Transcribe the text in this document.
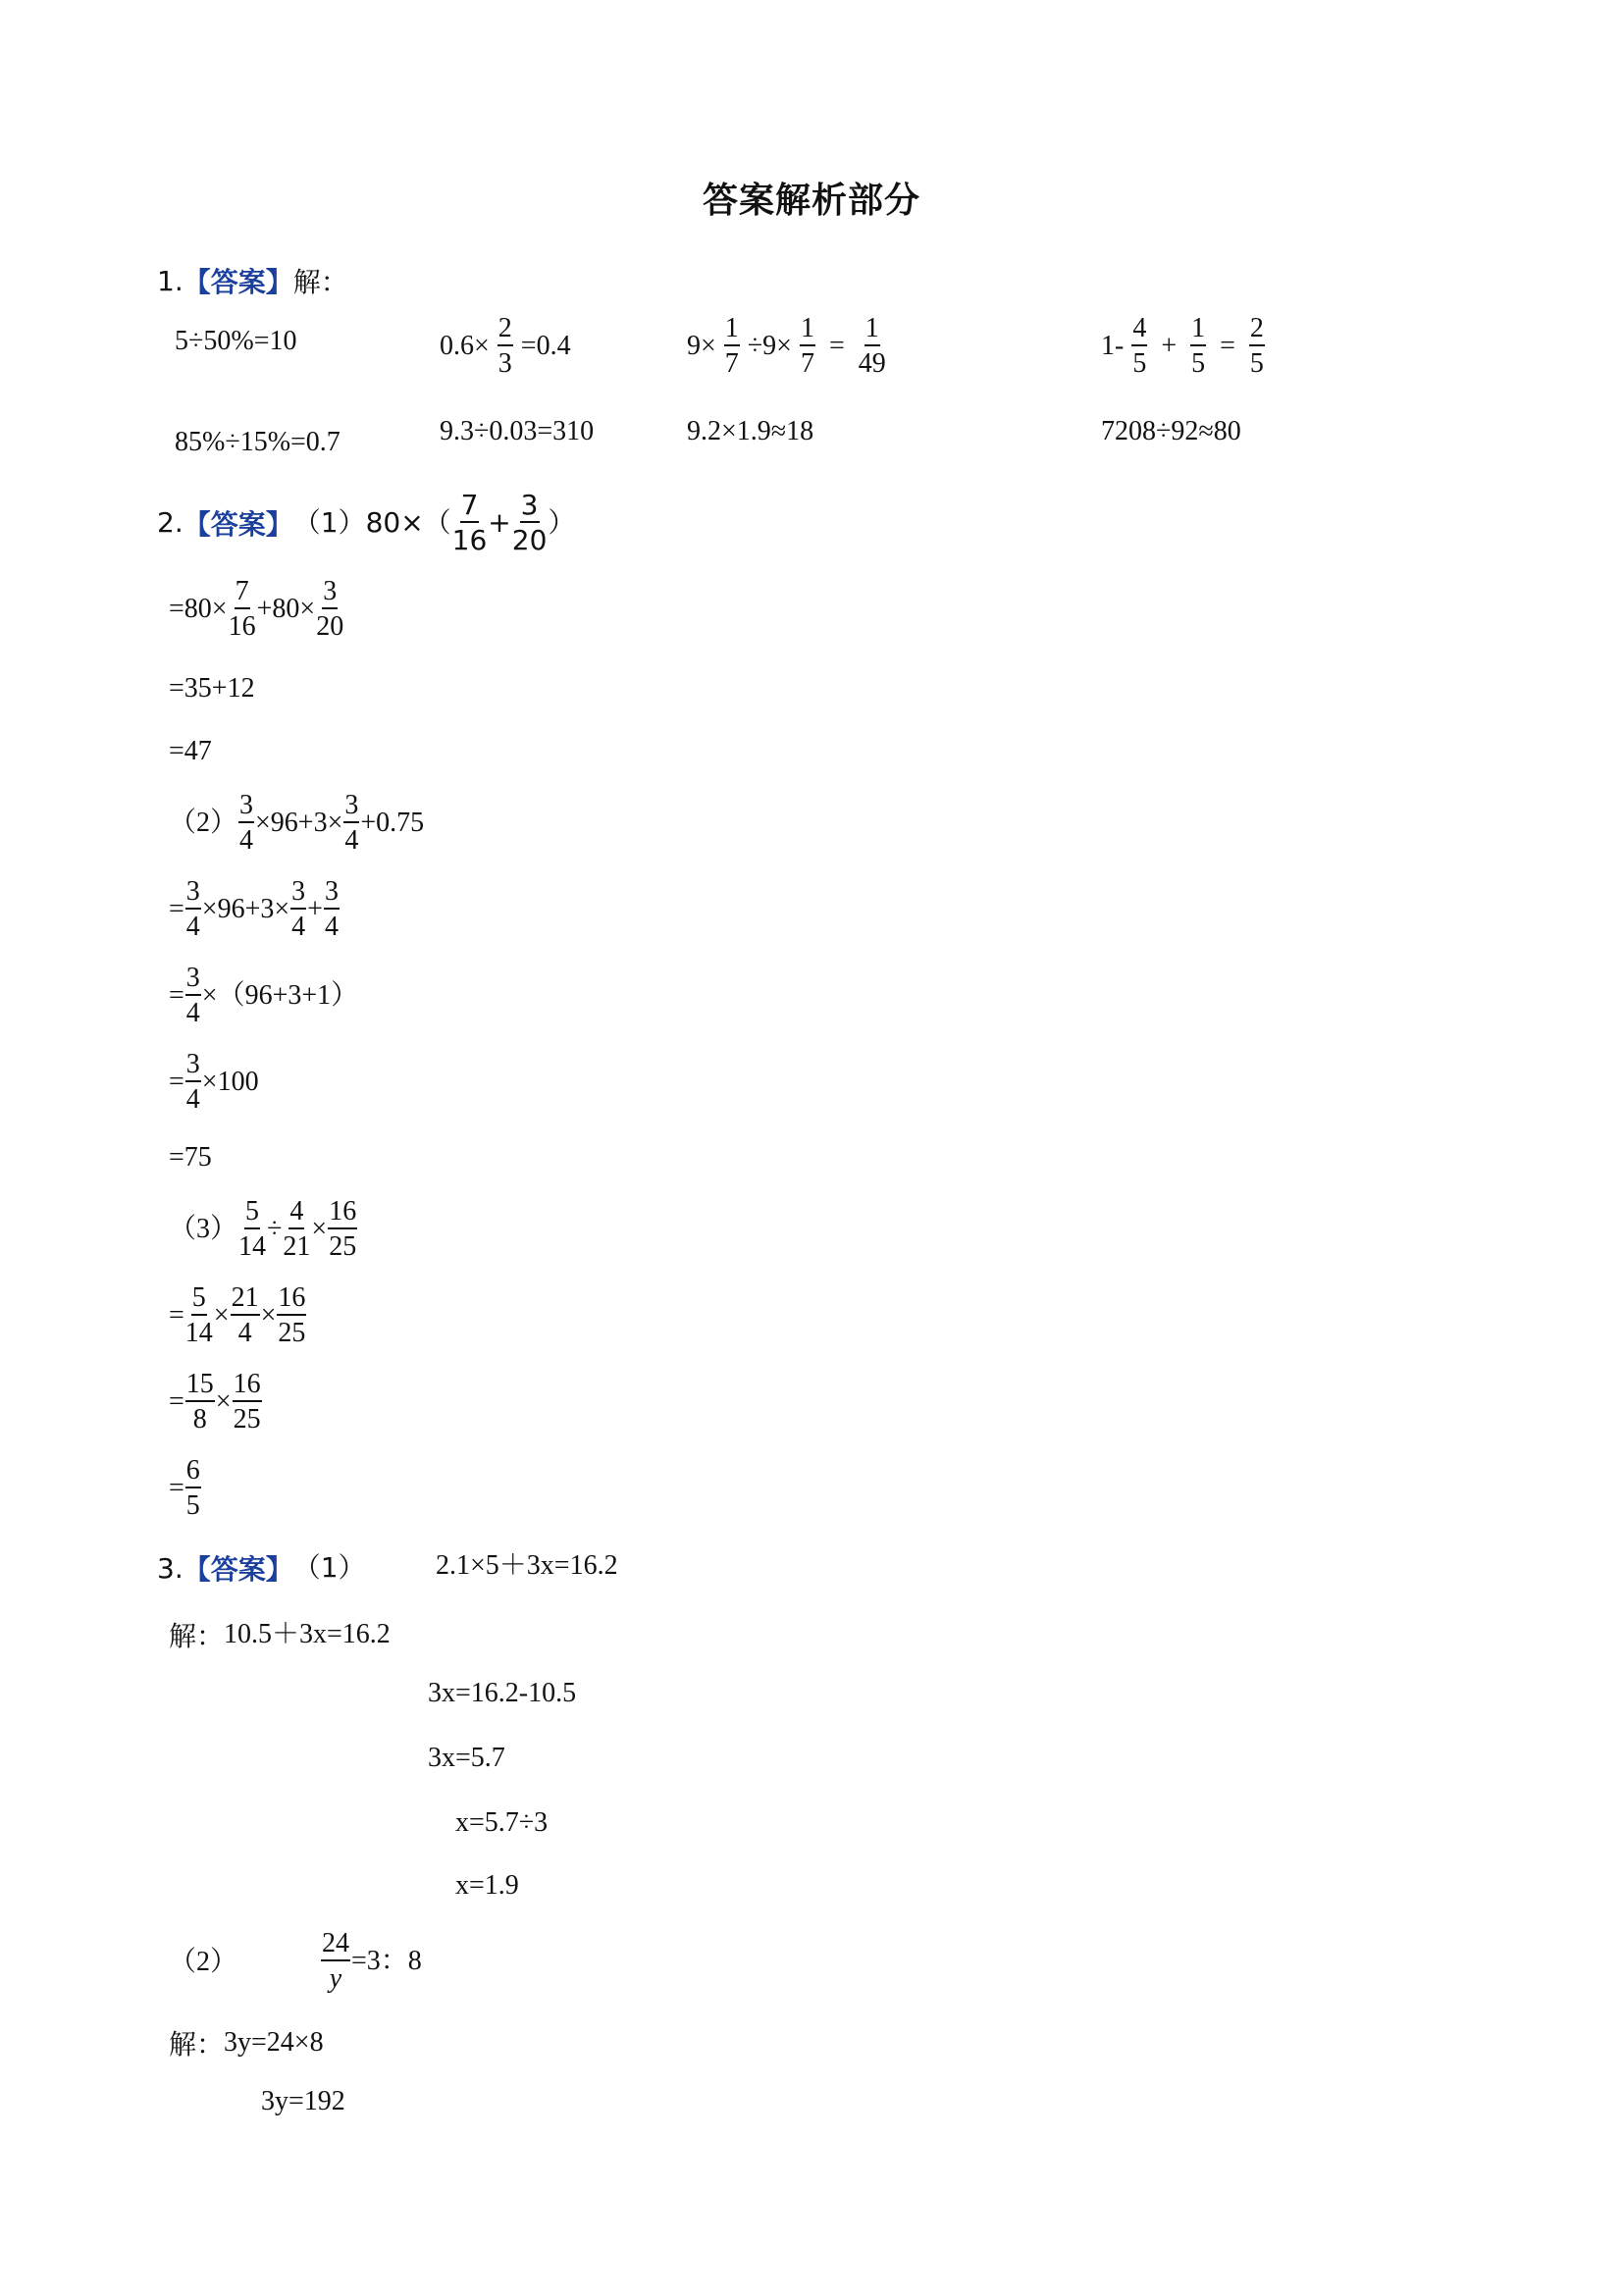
答案解析部分
1. 【答案】 解：
5÷50%=10	$0.6\times \frac{2}{3} =0.4$	$9\times \frac{1}{7} \div 9\times \frac{1}{7} = \frac{1}{49}$	$1- \frac{4}{5} + \frac{1}{5} = \frac{2}{5}$
85%÷15%=0.7	9.3÷0.03=310	9.2×1.9≈18	7208÷92≈80
2. 【答案】 （1） $80\times( \frac{7}{16} + \frac{3}{20}$ ）
$=80\times \frac{7}{16} +80\times \frac{3}{20}$
=35+12
=47
$(2) \frac{3}{4} \times 96+3\times \frac{3}{4} +0.75$
= $\frac{3}{4} \times 96+3\times \frac{3}{4} + \frac{3}{4}$
= $\frac{3}{4} \times(96+3+1)$
= $\frac{3}{4} \times 100$
=75
$(3) \frac{5}{14} \div \frac{4}{21} \times \frac{16}{25}$
= $\frac{5}{14} \times \frac{21}{4} \times \frac{16}{25}$
= $\frac{15}{8} \times \frac{16}{25}$
= $\frac{6}{5}$
3. 【答案】 （1）	2.1×5＋3x=16.2
解： 10.5＋3x=16.2
3x=16.2-10.5
3x=5.7
x=5.7÷3
x=1.9
（2）	$\frac{24}{y} =3$：8
解： 3y=24×8
3y=192
